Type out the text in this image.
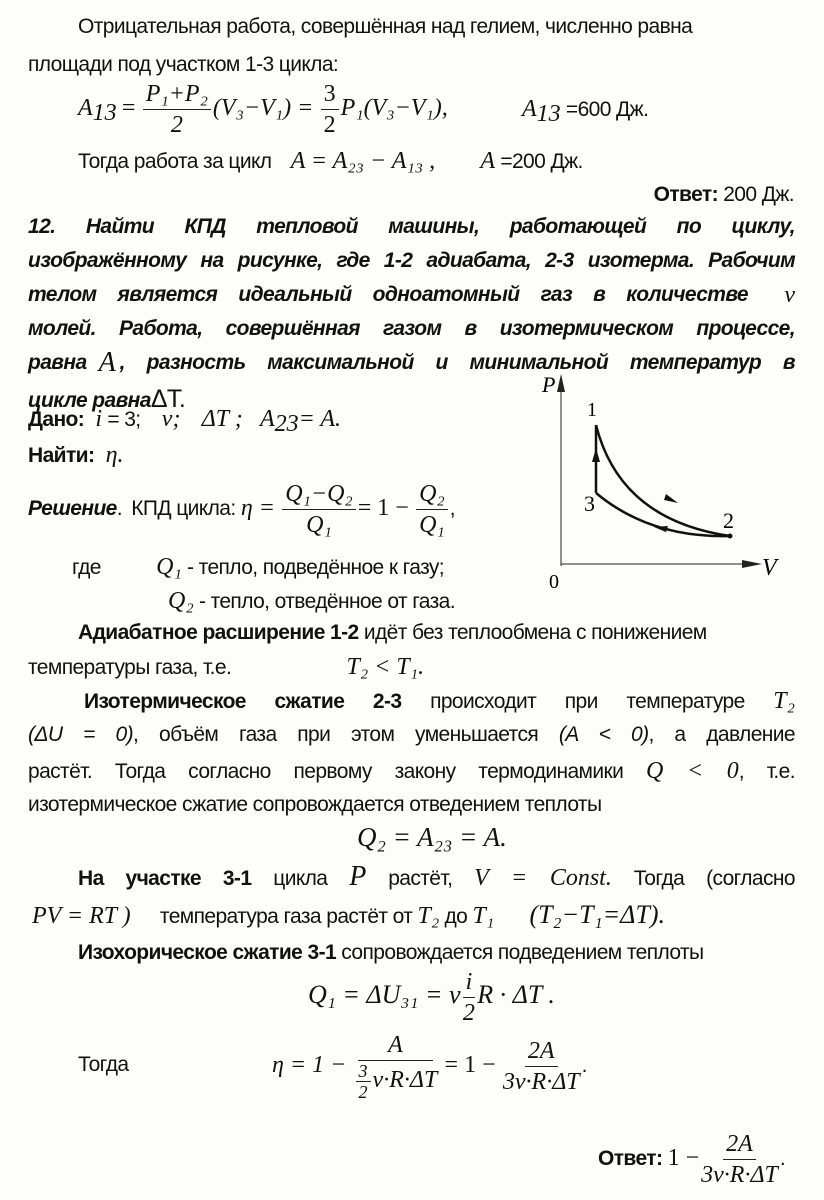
Отрицательная работа, совершённая над гелием, численно равна
площади под участком 1-3 цикла:
$A_{13} = \frac{\text{P₁+P₂}}{2} (V_3-V_1) = \frac{3}{2} P_1(V_3-V_1)$,	$A_{13} =600$ Дж.
Тогда работа за цикл A = A₂₃ − A₁₃ , A =200 Дж.
Ответ: 200 Дж.
12. Найти КПД тепловой машины, работающей по циклу,
изображённому на рисунке, где 1-2 адиабата, 2-3 изотерма. Рабочим
телом является идеальный одноатомный газ в количестве ν
молей. Работа, совершённая газом в изотермическом процессе,
равна A , разность максимальной и минимальной температур в
цикле равнаΔT.
Дано: i = 3; ν; ΔT ; $A_{23}= A$.
Найти: η.
Решение. КПД цикла: $\eta = \frac{\text{Q₁−Q₂}}{\text{Q₁}} = 1 - \frac{\text{Q₂}}{\text{Q₁}}$ ,
где Q₁ - тепло, подведённое к газу;
Q₂ - тепло, отведённое от газа.
P
V
0
1
2
3
Адиабатное расширение 1-2 идёт без теплообмена с понижением
температуры газа, т.е.	T₂ < T₁.
Изотермическое сжатие 2-3 происходит при температуре T₂
(ΔU = 0), объём газа при этом уменьшается (A < 0), а давление
растёт. Тогда согласно первому закону термодинамики Q < 0, т.е.
изотермическое сжатие сопровождается отведением теплоты
Q₂ = A₂₃ = A.
На участке 3-1 цикла P растёт, V = Const. Тогда (согласно
PV = RT ) температура газа растёт от T₂ до T₁ (T₂−T₁=ΔT).
Изохорическое сжатие 3-1 сопровождается подведением теплоты
Q₁ = ΔU₃₁ = ν $\frac{i}{2}$ R · ΔT .
Тогда	$\eta = 1 - \frac{A}{\frac{3}{2} \nu\cdot R\cdot\Delta T} = 1 - \frac{2A}{3\nu\cdot R\cdot\Delta T}$ .
Ответ: $1 - \frac{2A}{3\nu\cdot R\cdot\Delta T}$ .
